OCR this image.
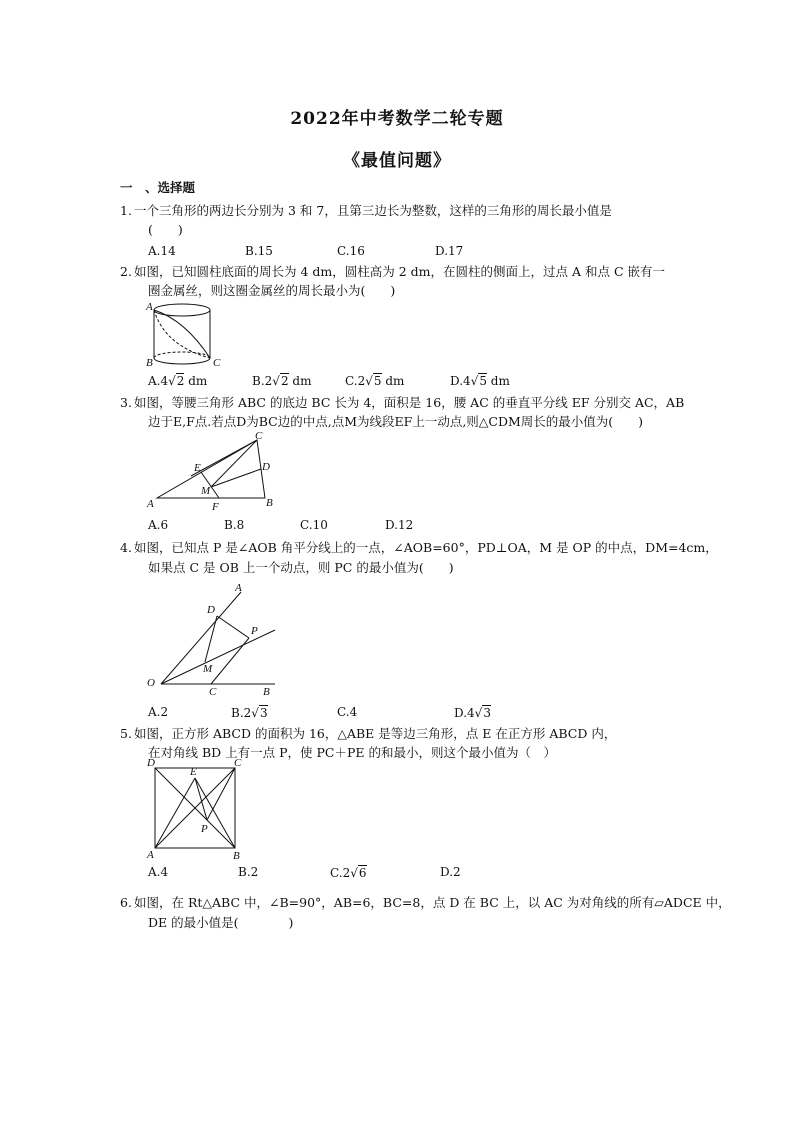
2022年中考数学二轮专题
《最值问题》
一　、选择题
1. 一个三角形的两边长分别为 3 和 7，且第三边长为整数，这样的三角形的周长最小值是
(　　)
A.14	B.15	C.16	D.17
2. 如图，已知圆柱底面的周长为 4 dm，圆柱高为 2 dm，在圆柱的侧面上，过点 A 和点 C 嵌有一
圈金属丝，则这圈金属丝的周长最小为(　　)
A
B	C
A.4√2 dm	B.2√2 dm	C.2√5 dm	D.4√5 dm
3. 如图，等腰三角形 ABC 的底边 BC 长为 4，面积是 16，腰 AC 的垂直平分线 EF 分别交 AC，AB
边于E,F点.若点D为BC边的中点,点M为线段EF上一动点,则△CDM周长的最小值为(　　)
A	B
C
D
E
F
M
A.6	B.8	C.10	D.12
4. 如图，已知点 P 是∠AOB 角平分线上的一点，∠AOB=60°，PD⊥OA，M 是 OP 的中点，DM=4cm，
如果点 C 是 OB 上一个动点，则 PC 的最小值为(　　)
A
B
C
D
M
O
P
A.2	B.2√3	C.4	D.4√3
5. 如图，正方形 ABCD 的面积为 16，△ABE 是等边三角形，点 E 在正方形 ABCD 内，
在对角线 BD 上有一点 P，使 PC＋PE 的和最小，则这个最小值为（　）
A	B
C
D
E
P
A.4	B.2	C.2√6	D.2
6. 如图，在 Rt△ABC 中，∠B=90°，AB=6，BC=8，点 D 在 BC 上，以 AC 为对角线的所有▱ADCE 中，
DE 的最小值是(　　　　)
